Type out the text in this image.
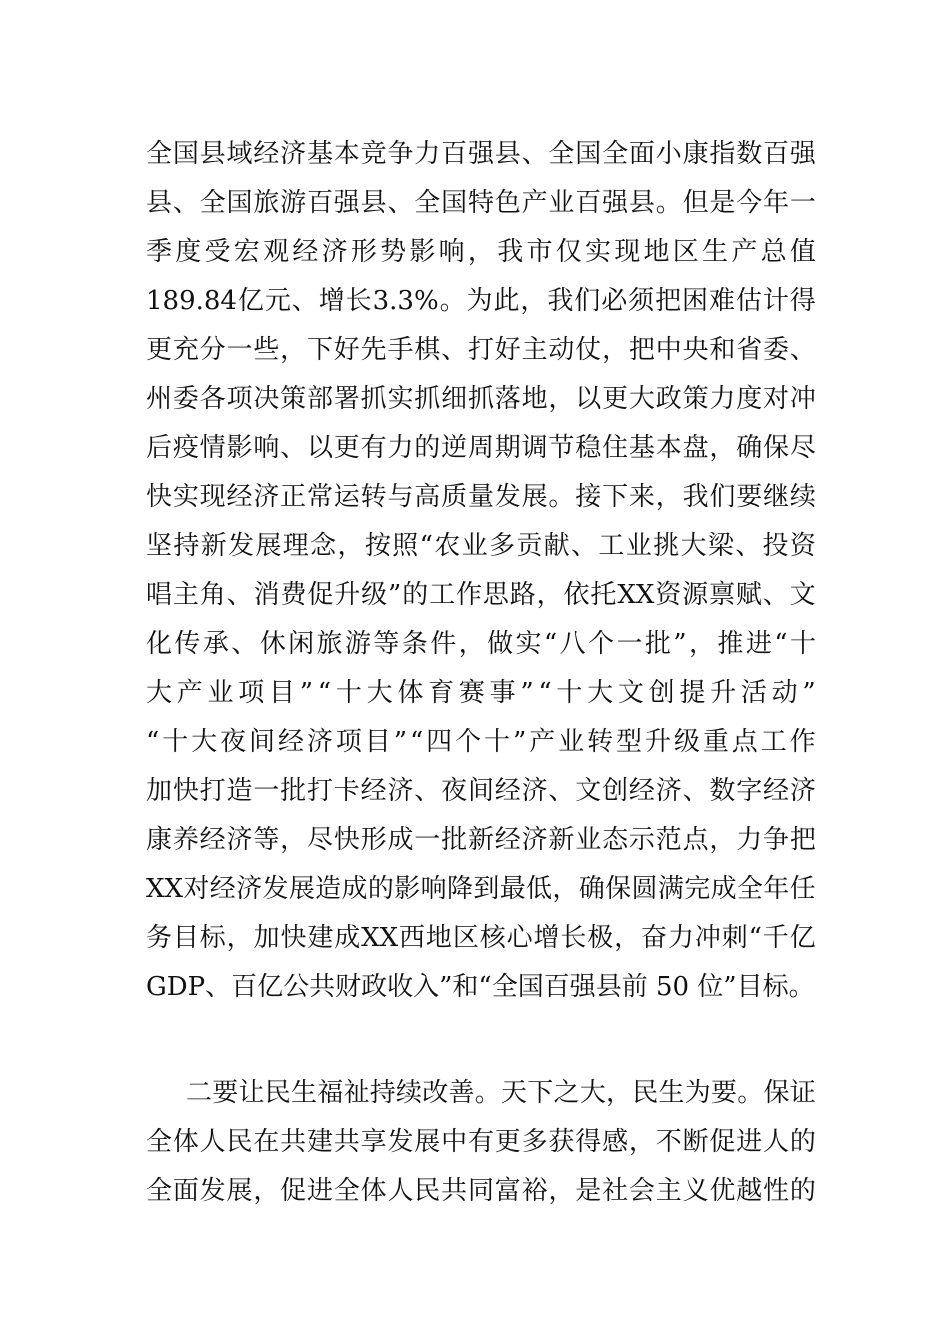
全 国 县 域 经 济 基 本 竞 争 力 百 强 县 、 全 国 全 面 小 康 指 数 百 强
县 、 全 国 旅 游 百 强 县 、 全 国 特 色 产 业 百 强 县 。 但 是 今 年 一
季 度 受 宏 观 经 济 形 势 影 响 ， 我 市 仅 实 现 地 区 生 产 总 值
189.84 亿 元 、 增 长 3.3% 。 为 此 ， 我 们 必 须 把 困 难 估 计 得
更 充 分 一 些 ， 下 好 先 手 棋 、 打 好 主 动 仗 ， 把 中 央 和 省 委 、
州 委 各 项 决 策 部 署 抓 实 抓 细 抓 落 地 ， 以 更 大 政 策 力 度 对 冲
后 疫 情 影 响 、 以 更 有 力 的 逆 周 期 调 节 稳 住 基 本 盘 ， 确 保 尽
快 实 现 经 济 正 常 运 转 与 高 质 量 发 展 。 接 下 来 ， 我 们 要 继 续
坚 持 新 发 展 理 念 ， 按 照 “ 农 业 多 贡 献 、 工 业 挑 大 梁 、 投 资
唱 主 角 、 消 费 促 升 级 ” 的 工 作 思 路 ， 依 托 XX 资 源 禀 赋 、 文
化 传 承 、 休 闲 旅 游 等 条 件 ， 做 实 “ 八 个 一 批 ” ， 推 进 “ 十
大 产 业 项 目 ” “ 十 大 体 育 赛 事 ” “ 十 大 文 创 提 升 活 动 ”
“ 十 大 夜 间 经 济 项 目 ” “ 四 个 十 ” 产 业 转 型 升 级 重 点 工 作
加 快 打 造 一 批 打 卡 经 济 、 夜 间 经 济 、 文 创 经 济 、 数 字 经 济
康 养 经 济 等 ， 尽 快 形 成 一 批 新 经 济 新 业 态 示 范 点 ， 力 争 把
XX 对 经 济 发 展 造 成 的 影 响 降 到 最 低 ， 确 保 圆 满 完 成 全 年 任
务 目 标 ， 加 快 建 成 XX 西 地 区 核 心 增 长 极 ， 奋 力 冲 刺 “ 千 亿
GDP、百亿公共财政收入”和“全国百强县前 50 位”目标。
二 要 让 民 生 福 祉 持 续 改 善 。 天 下 之 大 ， 民 生 为 要 。 保 证
全 体 人 民 在 共 建 共 享 发 展 中 有 更 多 获 得 感 ， 不 断 促 进 人 的
全 面 发 展 ， 促 进 全 体 人 民 共 同 富 裕 ， 是 社 会 主 义 优 越 性 的
